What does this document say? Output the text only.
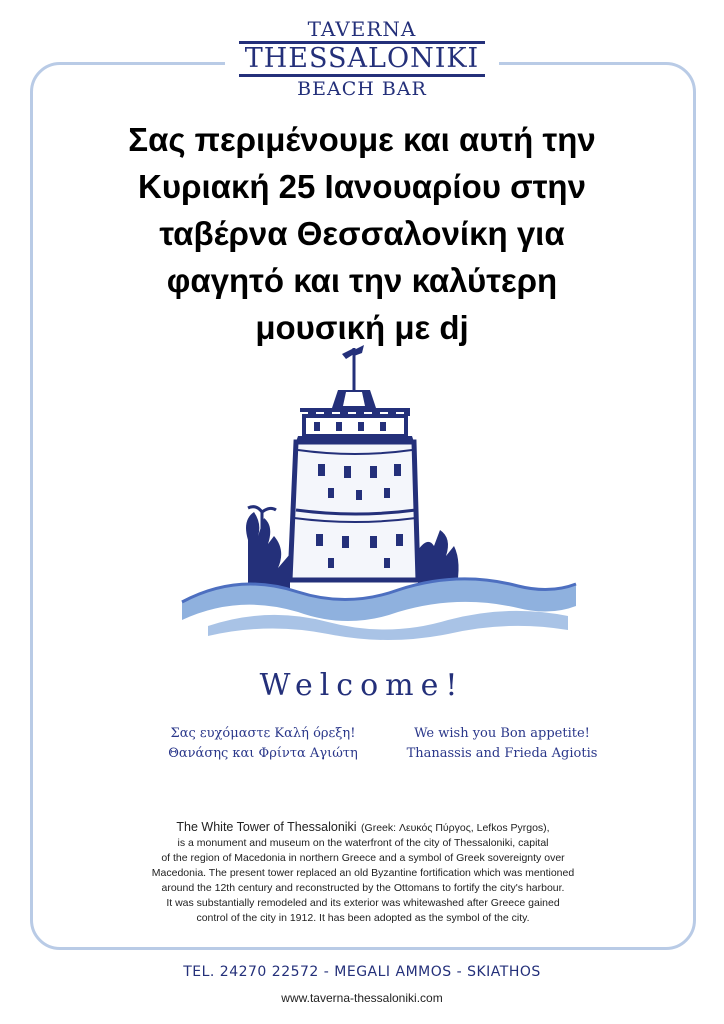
TAVERNA
THESSALONIKI
BEACH BAR
Σας περιμένουμε και αυτή την
Κυριακή 25 Ιανουαρίου στην
ταβέρνα Θεσσαλονίκη για
φαγητό και την καλύτερη
μουσική με dj
Welcome!
Σας ευχόμαστε Καλή όρεξη!
Θανάσης και Φρίντα Αγιώτη
We wish you Bon appetite!
Thanassis and Frieda Agiotis
The White Tower of Thessaloniki (Greek: Λευκός Πύργος, Lefkos Pyrgos),
is a monument and museum on the waterfront of the city of Thessaloniki, capital
of the region of Macedonia in northern Greece and a symbol of Greek sovereignty over
Macedonia. The present tower replaced an old Byzantine fortification which was mentioned
around the 12th century and reconstructed by the Ottomans to fortify the city's harbour.
It was substantially remodeled and its exterior was whitewashed after Greece gained
control of the city in 1912. It has been adopted as the symbol of the city.
TEL. 24270 22572 - MEGALI AMMOS - SKIATHOS
www.taverna-thessaloniki.com
